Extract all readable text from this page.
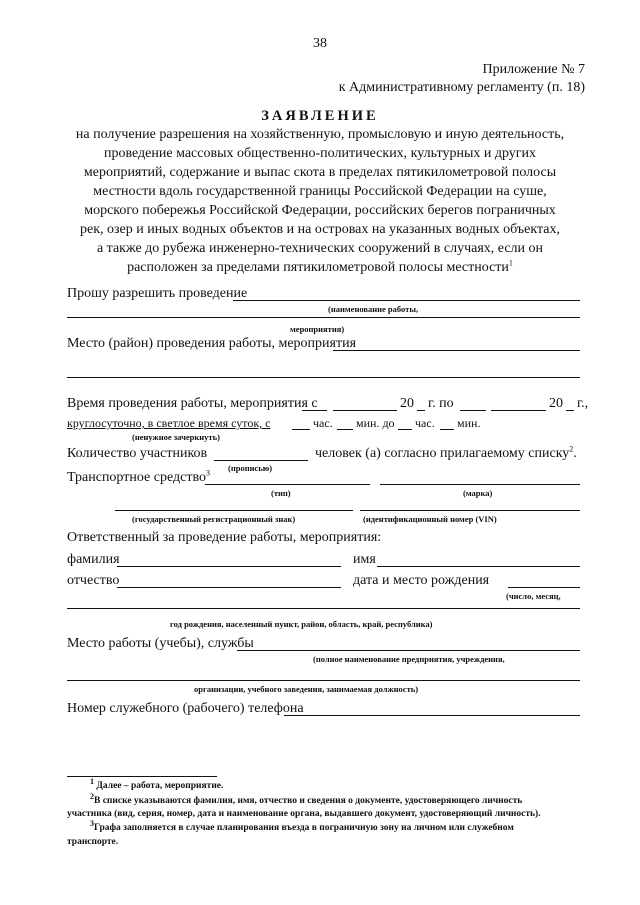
38
Приложение № 7
к Административному регламенту (п. 18)
ЗАЯВЛЕНИЕ
на получение разрешения на хозяйственную, промысловую и иную деятельность,
проведение массовых общественно-политических, культурных и других
мероприятий, содержание и выпас скота в пределах пятикилометровой полосы
местности вдоль государственной границы Российской Федерации на суше,
морского побережья Российской Федерации, российских берегов пограничных
рек, озер и иных водных объектов и на островах на указанных водных объектах,
а также до рубежа инженерно-технических сооружений в случаях, если он
расположен за пределами пятикилометровой полосы местности$^1$
Прошу разрешить проведение
(наименование работы,
мероприятия)
Место (район) проведения работы, мероприятия
Время проведения работы, мероприятия с	20 г. по	20 г.,
круглосуточно, в светлое время суток, с	час. мин. до час. мин.
(ненужное зачеркнуть)
Количество участников	человек (а) согласно прилагаемому списку$^2$.
(прописью)
Транспортное средство$^3$
(тип)	(марка)
(государственный регистрационный знак)	(идентификационный номер (VIN)
Ответственный за проведение работы, мероприятия:
фамилия	имя
отчество	дата и место рождения
(число, месяц,
год рождения, населенный пункт, район, область, край, республика)
Место работы (учебы), службы
(полное наименование предприятия, учреждения,
организации, учебного заведения, занимаемая должность)
Номер служебного (рабочего) телефона
$^1$ Далее – работа, мероприятие.
$^2$В списке указываются фамилия, имя, отчество и сведения о документе, удостоверяющего личность
участника (вид, серия, номер, дата и наименование органа, выдавшего документ, удостоверяющий личность).
$^3$Графа заполняется в случае планирования въезда в пограничную зону на личном или служебном
транспорте.
